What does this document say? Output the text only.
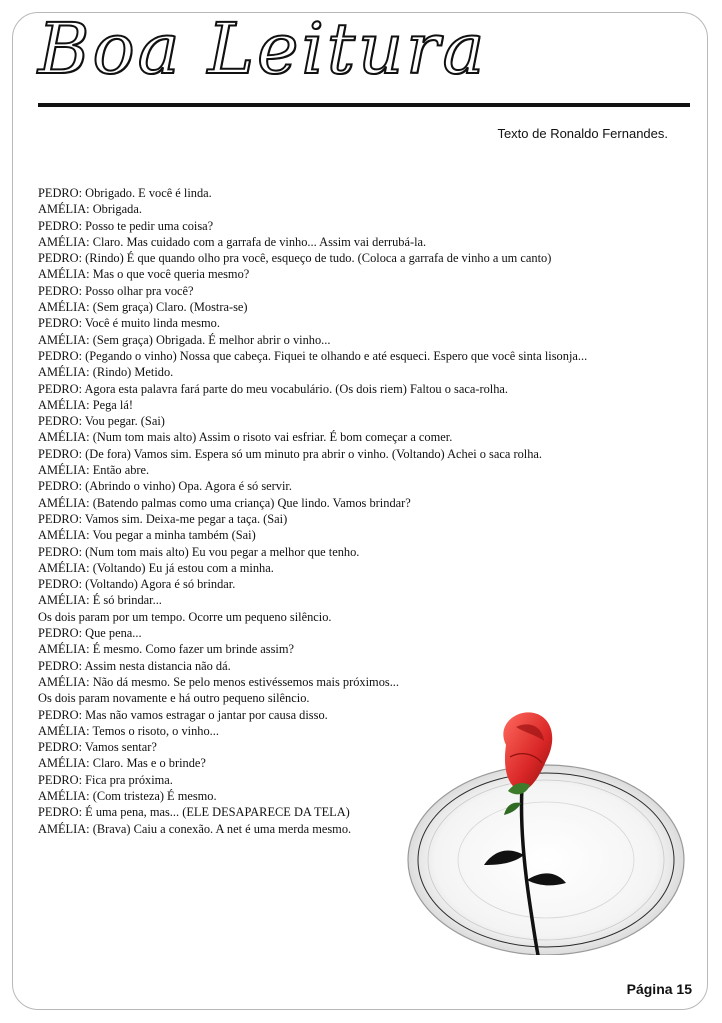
Boa Leitura
Texto de Ronaldo Fernandes.
PEDRO: Obrigado. E você é linda.
AMÉLIA: Obrigada.
PEDRO: Posso te pedir uma coisa?
AMÉLIA: Claro. Mas cuidado com a garrafa de vinho... Assim vai derrubá-la.
PEDRO: (Rindo) É que quando olho pra você, esqueço de tudo. (Coloca a garrafa de vinho a um canto)
AMÉLIA: Mas o que você queria mesmo?
PEDRO: Posso olhar pra você?
AMÉLIA: (Sem graça) Claro. (Mostra-se)
PEDRO: Você é muito linda mesmo.
AMÉLIA: (Sem graça) Obrigada. É melhor abrir o vinho...
PEDRO: (Pegando o vinho) Nossa que cabeça. Fiquei te olhando e até esqueci. Espero que você sinta lisonja...
AMÉLIA: (Rindo) Metido.
PEDRO: Agora esta palavra fará parte do meu vocabulário. (Os dois riem) Faltou o saca-rolha.
AMÉLIA: Pega lá!
PEDRO: Vou pegar. (Sai)
AMÉLIA: (Num tom mais alto) Assim o risoto vai esfriar. É bom começar a comer.
PEDRO: (De fora) Vamos sim. Espera só um minuto pra abrir o vinho. (Voltando) Achei o saca rolha.
AMÉLIA: Então abre.
PEDRO: (Abrindo o vinho) Opa. Agora é só servir.
AMÉLIA: (Batendo palmas como uma criança) Que lindo. Vamos brindar?
PEDRO: Vamos sim. Deixa-me pegar a taça. (Sai)
AMÉLIA: Vou pegar a minha também (Sai)
PEDRO: (Num tom mais alto) Eu vou pegar a melhor que tenho.
AMÉLIA: (Voltando) Eu já estou com a minha.
PEDRO: (Voltando) Agora é só brindar.
AMÉLIA: É só brindar...
Os dois param por um tempo. Ocorre um pequeno silêncio.
PEDRO: Que pena...
AMÉLIA: É mesmo. Como fazer um brinde assim?
PEDRO: Assim nesta distancia não dá.
AMÉLIA: Não dá mesmo. Se pelo menos estivéssemos mais próximos...
Os dois param novamente e há outro pequeno silêncio.
PEDRO: Mas não vamos estragar o jantar por causa disso.
AMÉLIA: Temos o risoto, o vinho...
PEDRO: Vamos sentar?
AMÉLIA: Claro. Mas e o brinde?
PEDRO: Fica pra próxima.
AMÉLIA: (Com tristeza) É mesmo.
PEDRO: É uma pena, mas... (ELE DESAPARECE DA TELA)
AMÉLIA: (Brava) Caiu a conexão. A net é uma merda mesmo.
Página 15
